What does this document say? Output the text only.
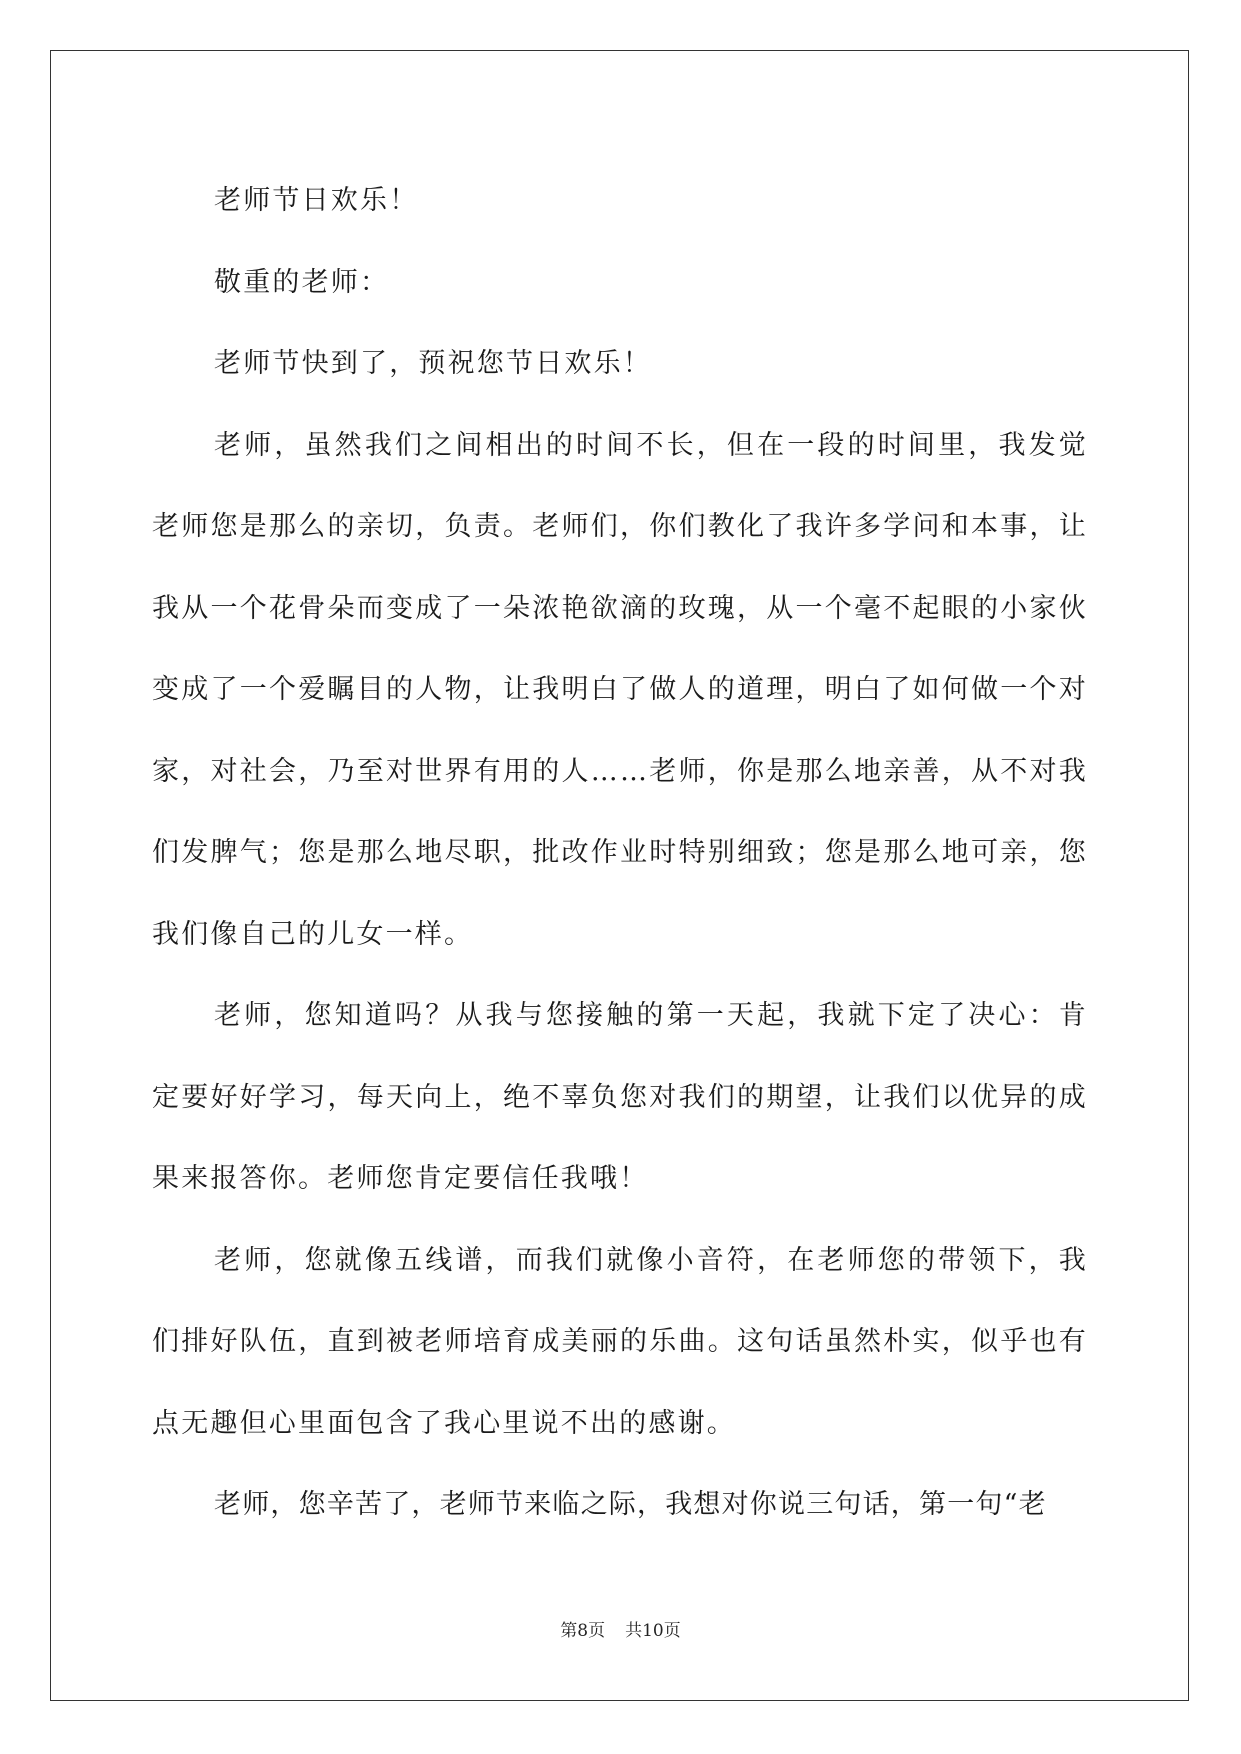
老师节日欢乐！

敬重的老师：

老师节快到了，预祝您节日欢乐！

老师，虽然我们之间相出的时间不长，但在一段的时间里，我发觉老师您是那么的亲切，负责。老师们，你们教化了我许多学问和本事，让我从一个花骨朵而变成了一朵浓艳欲滴的玫瑰，从一个毫不起眼的小家伙变成了一个爱瞩目的人物，让我明白了做人的道理，明白了如何做一个对家，对社会，乃至对世界有用的人……老师，你是那么地亲善，从不对我们发脾气；您是那么地尽职，批改作业时特别细致；您是那么地可亲，您我们像自己的儿女一样。

老师，您知道吗？从我与您接触的第一天起，我就下定了决心：肯定要好好学习，每天向上，绝不辜负您对我们的期望，让我们以优异的成果来报答你。老师您肯定要信任我哦！

老师，您就像五线谱，而我们就像小音符，在老师您的带领下，我们排好队伍，直到被老师培育成美丽的乐曲。这句话虽然朴实，似乎也有点无趣但心里面包含了我心里说不出的感谢。

老师，您辛苦了，老师节来临之际，我想对你说三句话，第一句“老

第8页 共10页
